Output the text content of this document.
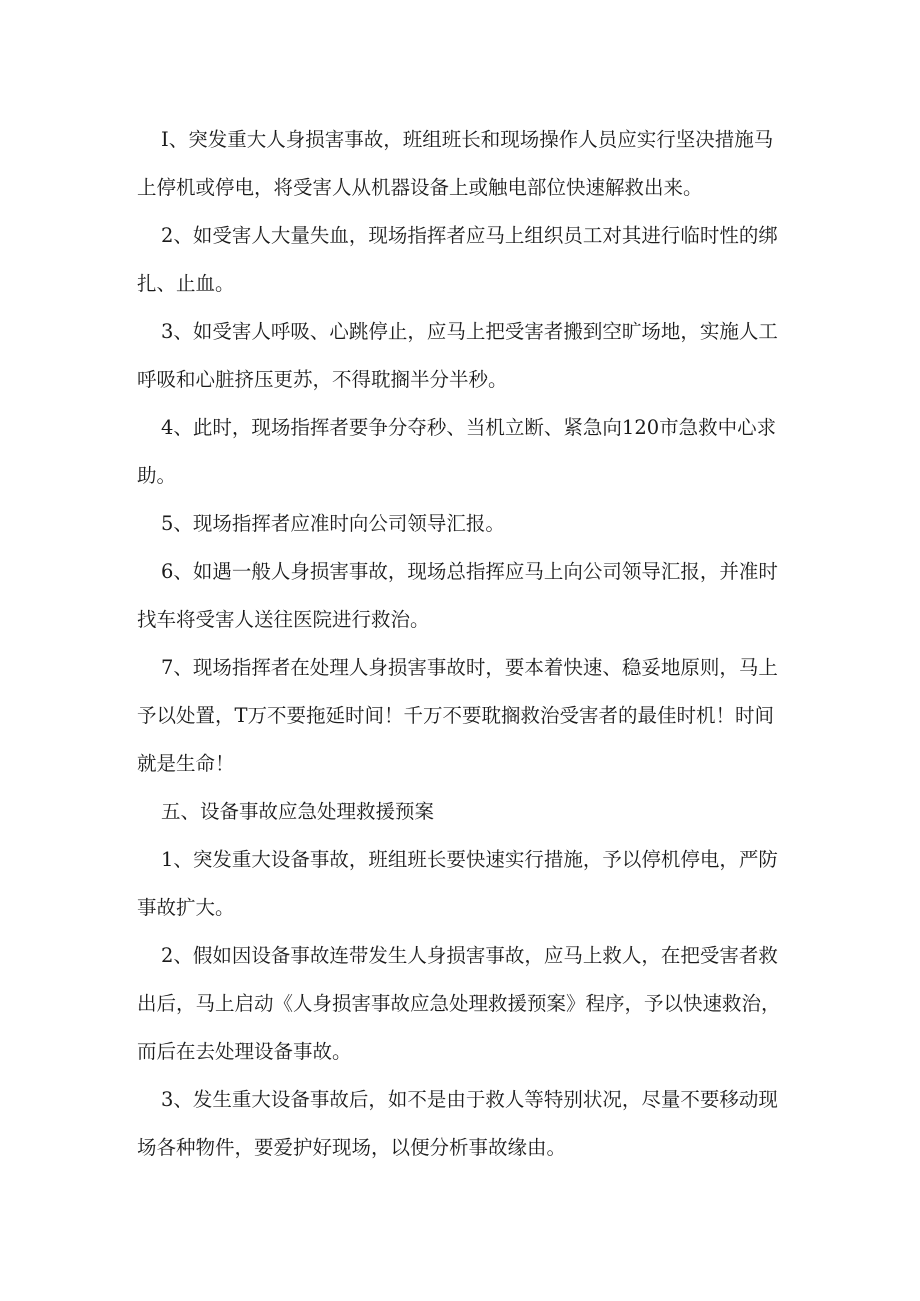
I、突发重大人身损害事故，班组班长和现场操作人员应实行坚决措施马上停机或停电，将受害人从机器设备上或触电部位快速解救出来。

2、如受害人大量失血，现场指挥者应马上组织员工对其进行临时性的绑扎、止血。

3、如受害人呼吸、心跳停止，应马上把受害者搬到空旷场地，实施人工呼吸和心脏挤压更苏，不得耽搁半分半秒。

4、此时，现场指挥者要争分夺秒、当机立断、紧急向120市急救中心求助。

5、现场指挥者应准时向公司领导汇报。

6、如遇一般人身损害事故，现场总指挥应马上向公司领导汇报，并准时找车将受害人送往医院进行救治。

7、现场指挥者在处理人身损害事故时，要本着快速、稳妥地原则，马上予以处置，T万不要拖延时间！千万不要耽搁救治受害者的最佳时机！时间就是生命！

五、设备事故应急处理救援预案

1、突发重大设备事故，班组班长要快速实行措施，予以停机停电，严防事故扩大。

2、假如因设备事故连带发生人身损害事故，应马上救人，在把受害者救出后，马上启动《人身损害事故应急处理救援预案》程序，予以快速救治，而后在去处理设备事故。

3、发生重大设备事故后，如不是由于救人等特别状况，尽量不要移动现场各种物件，要爱护好现场，以便分析事故缘由。
